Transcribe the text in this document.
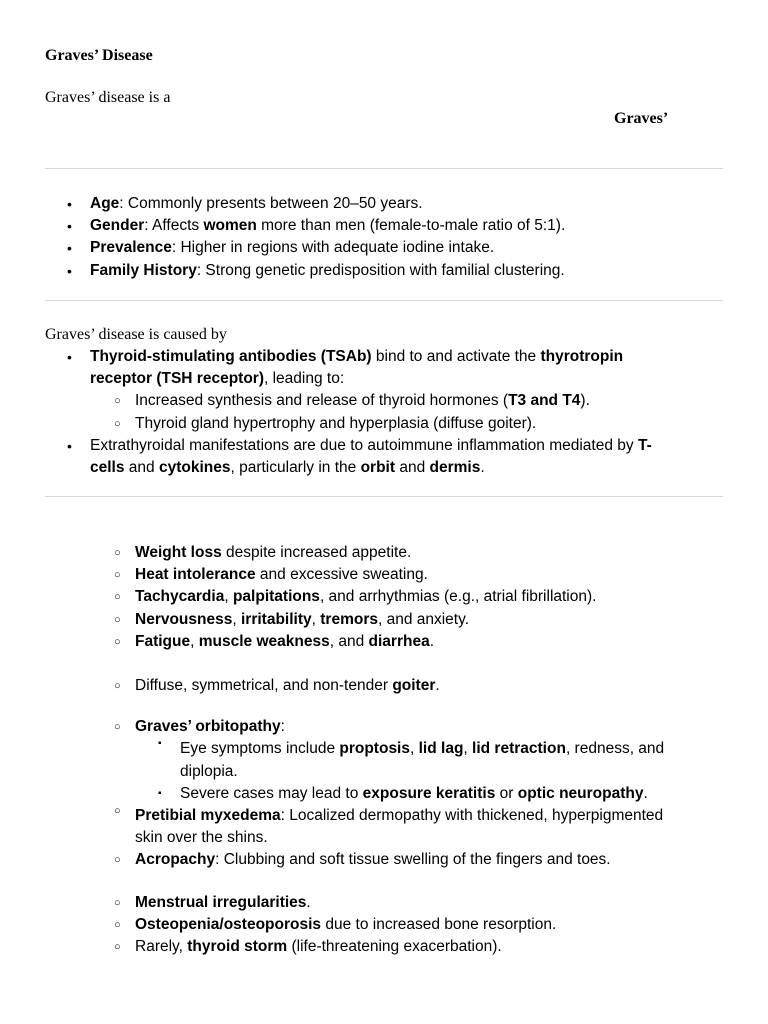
Graves’ Disease
Graves’ disease is a
Graves’
• Age: Commonly presents between 20–50 years.
• Gender: Affects women more than men (female-to-male ratio of 5:1).
• Prevalence: Higher in regions with adequate iodine intake.
• Family History: Strong genetic predisposition with familial clustering.
Graves’ disease is caused by
• Thyroid-stimulating antibodies (TSAb) bind to and activate the thyrotropin
receptor (TSH receptor), leading to:
○ Increased synthesis and release of thyroid hormones (T3 and T4).
○ Thyroid gland hypertrophy and hyperplasia (diffuse goiter).
• Extrathyroidal manifestations are due to autoimmune inflammation mediated by T-
cells and cytokines, particularly in the orbit and dermis.
○ Weight loss despite increased appetite.
○ Heat intolerance and excessive sweating.
○ Tachycardia, palpitations, and arrhythmias (e.g., atrial fibrillation).
○ Nervousness, irritability, tremors, and anxiety.
○ Fatigue, muscle weakness, and diarrhea.
○ Diffuse, symmetrical, and non-tender goiter.
○ Graves’ orbitopathy:
▪ Eye symptoms include proptosis, lid lag, lid retraction, redness, and
diplopia.
▪ Severe cases may lead to exposure keratitis or optic neuropathy.
○ Pretibial myxedema: Localized dermopathy with thickened, hyperpigmented
skin over the shins.
○ Acropachy: Clubbing and soft tissue swelling of the fingers and toes.
○ Menstrual irregularities.
○ Osteopenia/osteoporosis due to increased bone resorption.
○ Rarely, thyroid storm (life-threatening exacerbation).
